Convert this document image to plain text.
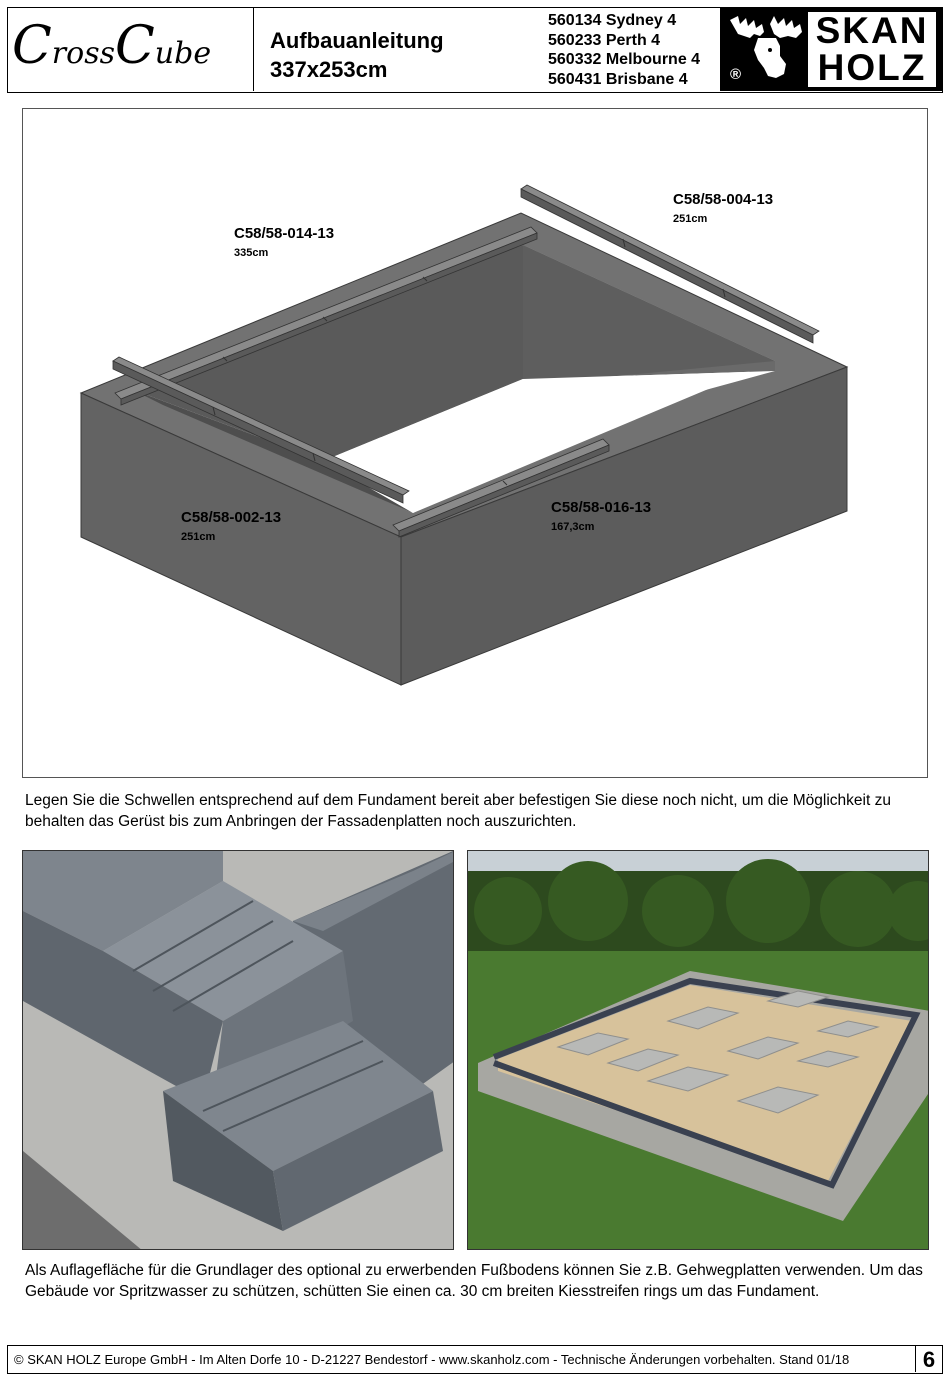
Cross Cube	Aufbauanleitung
337x253cm
560134 Sydney 4
560233 Perth 4
560332 Melbourne 4
560431 Brisbane 4	®
SKAN
HOLZ
C58/58-014-13
335cm
C58/58-004-13
251cm
C58/58-002-13
251cm
C58/58-016-13
167,3cm
Legen Sie die Schwellen entsprechend auf dem Fundament bereit aber befestigen Sie diese noch nicht, um die Möglichkeit zu behalten das Gerüst bis zum Anbringen der Fassadenplatten noch auszurichten.
Als Auflagefläche für die Grundlager des optional zu erwerbenden Fußbodens können Sie z.B. Gehwegplatten verwenden. Um das Gebäude vor Spritzwasser zu schützen, schütten Sie einen ca. 30 cm breiten Kiesstreifen rings um das Fundament.
© SKAN HOLZ Europe GmbH - Im Alten Dorfe 10 - D-21227 Bendestorf - www.skanholz.com - Technische Änderungen vorbehalten. Stand 01/18	6
